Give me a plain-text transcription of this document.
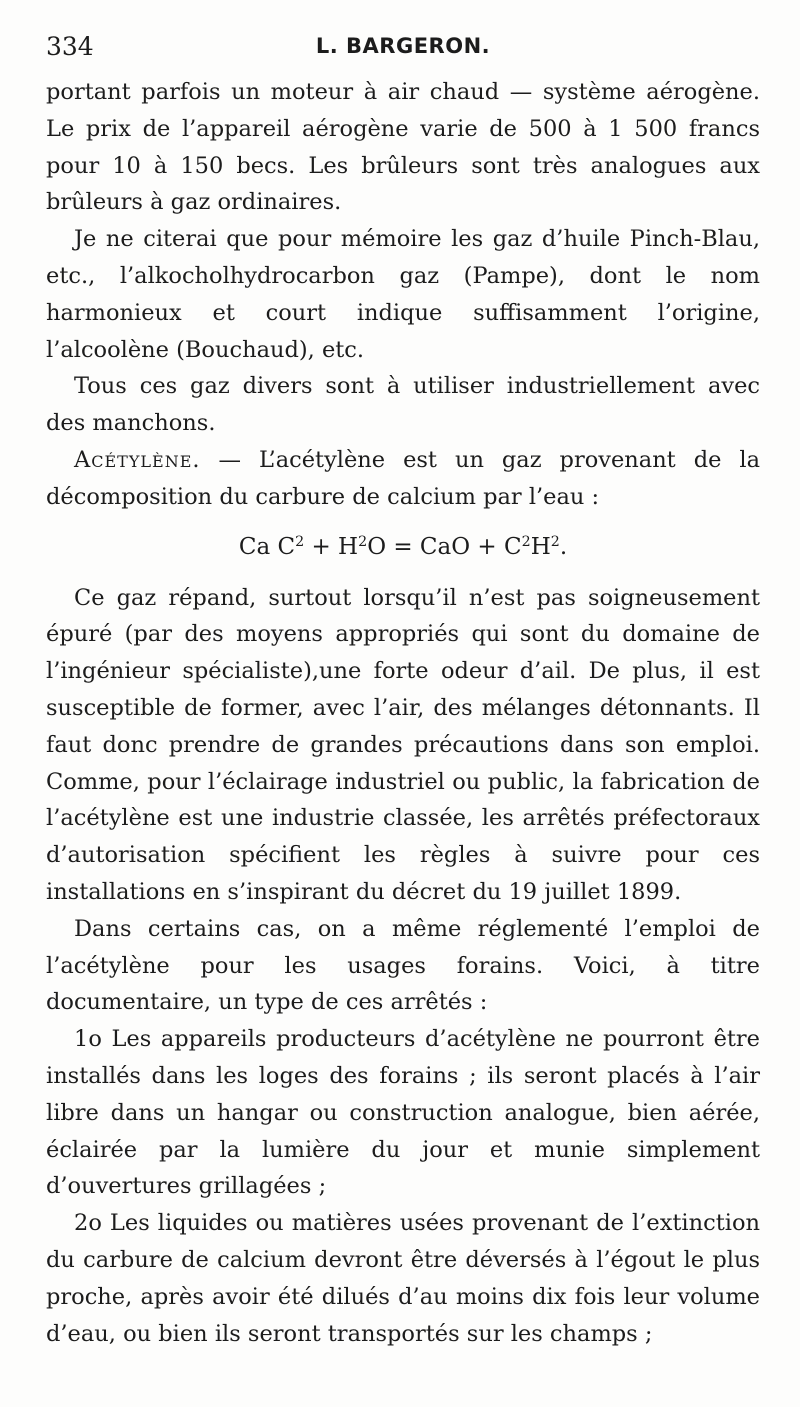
334	L. BARGERON.

portant parfois un moteur à air chaud — système aérogène. Le prix de l’appareil aérogène varie de 500 à 1 500 francs pour 10 à 150 becs. Les brûleurs sont très analogues aux brûleurs à gaz ordinaires.

Je ne citerai que pour mémoire les gaz d’huile Pinch-Blau, etc., l’alkocholhydrocarbon gaz (Pampe), dont le nom harmonieux et court indique suffisamment l’origine, l’alcoolène (Bouchaud), etc.

Tous ces gaz divers sont à utiliser industriellement avec des manchons.

Acétylène. — L’acétylène est un gaz provenant de la décomposition du carbure de calcium par l’eau :

Ca $C^2 + H^2O$ = CaO + $C^2H^2$.

Ce gaz répand, surtout lorsqu’il n’est pas soigneusement épuré (par des moyens appropriés qui sont du domaine de l’ingénieur spécialiste),une forte odeur d’ail. De plus, il est susceptible de former, avec l’air, des mélanges détonnants. Il faut donc prendre de grandes précautions dans son emploi. Comme, pour l’éclairage industriel ou public, la fabrication de l’acétylène est une industrie classée, les arrêtés préfectoraux d’autorisation spécifient les règles à suivre pour ces installations en s’inspirant du décret du 19 juillet 1899.

Dans certains cas, on a même réglementé l’emploi de l’acétylène pour les usages forains. Voici, à titre documentaire, un type de ces arrêtés :

1o Les appareils producteurs d’acétylène ne pourront être installés dans les loges des forains ; ils seront placés à l’air libre dans un hangar ou construction analogue, bien aérée, éclairée par la lumière du jour et munie simplement d’ouvertures grillagées ;

2o Les liquides ou matières usées provenant de l’extinction du carbure de calcium devront être déversés à l’égout le plus proche, après avoir été dilués d’au moins dix fois leur volume d’eau, ou bien ils seront transportés sur les champs ;
